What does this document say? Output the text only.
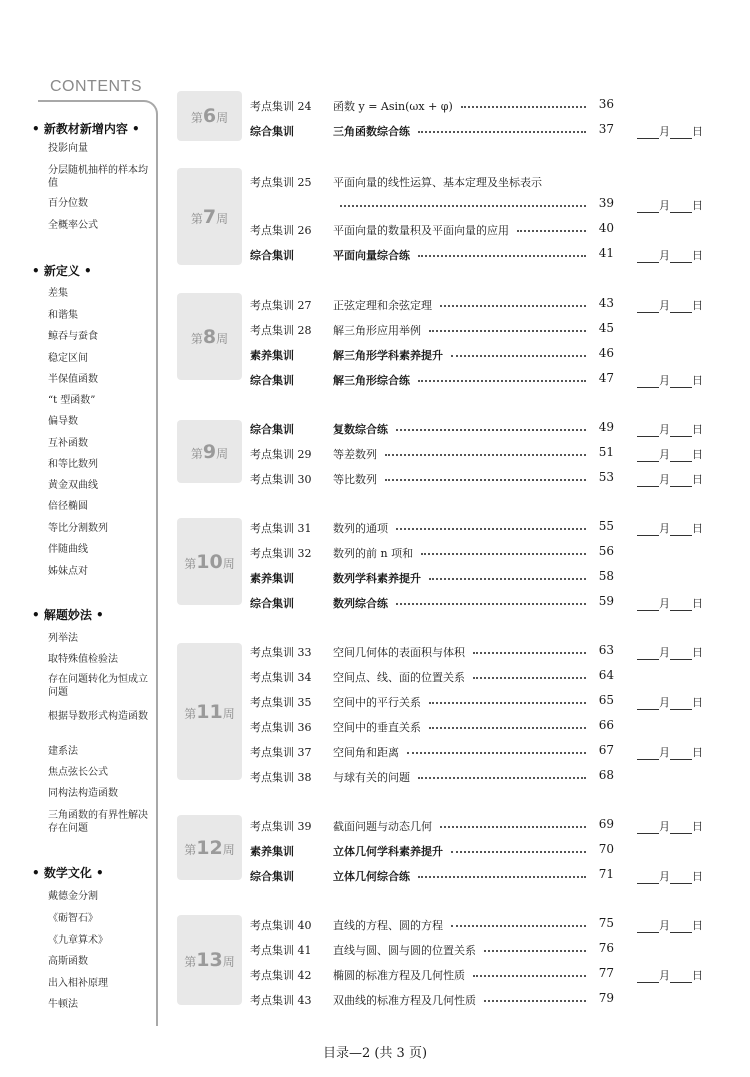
CONTENTS
• 新教材新增内容 •
投影向量
分层随机抽样的样本均值
百分位数
全概率公式
• 新定义 •
差集
和谐集
鲸吞与蚕食
稳定区间
半保值函数
“t 型函数”
偏导数
互补函数
和等比数列
黄金双曲线
倍径椭圆
等比分割数列
伴随曲线
姊妹点对
• 解题妙法 •
列举法
取特殊值检验法
存在问题转化为恒成立问题
根据导数形式构造函数
建系法
焦点弦长公式
同构法构造函数
三角函数的有界性解决存在问题
• 数学文化 •
戴德金分割
《砺智石》
《九章算术》
高斯函数
出入相补原理
牛顿法
第6周
考点集训 24 函数 y = Asin(ωx + φ)	36
综合集训	三角函数综合练	37	月 日
第7周
考点集训 25 平面向量的线性运算、基本定理及坐标表示
39	月 日
考点集训 26 平面向量的数量积及平面向量的应用	40
综合集训	平面向量综合练	41	月 日
第8周
考点集训 27 正弦定理和余弦定理	43	月 日
考点集训 28 解三角形应用举例	45
素养集训	解三角形学科素养提升	46
综合集训	解三角形综合练	47	月 日
第9周
综合集训	复数综合练	49	月 日
考点集训 29 等差数列	51	月 日
考点集训 30 等比数列	53	月 日
第10周
考点集训 31 数列的通项	55	月 日
考点集训 32 数列的前 n 项和	56
素养集训	数列学科素养提升	58
综合集训	数列综合练	59	月 日
第11周
考点集训 33 空间几何体的表面积与体积	63	月 日
考点集训 34 空间点、线、面的位置关系	64
考点集训 35 空间中的平行关系	65	月 日
考点集训 36 空间中的垂直关系	66
考点集训 37 空间角和距离	67	月 日
考点集训 38 与球有关的问题	68
第12周
考点集训 39 截面问题与动态几何	69	月 日
素养集训	立体几何学科素养提升	70
综合集训	立体几何综合练	71	月 日
第13周
考点集训 40 直线的方程、圆的方程	75	月 日
考点集训 41 直线与圆、圆与圆的位置关系	76
考点集训 42 椭圆的标准方程及几何性质	77	月 日
考点集训 43 双曲线的标准方程及几何性质	79
目录—2 (共 3 页)
